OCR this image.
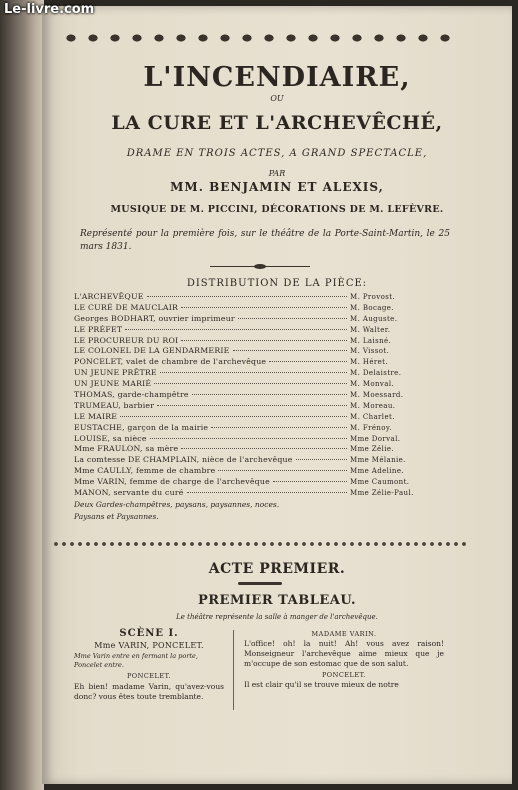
Le-livre.com
L'INCENDIAIRE,
OU
LA CURE ET L'ARCHEVÊCHÉ,
DRAME EN TROIS ACTES, A GRAND SPECTACLE,
PAR
MM. BENJAMIN ET ALEXIS,
MUSIQUE DE M. PICCINI, DÉCORATIONS DE M. LEFÈVRE.
Représenté pour la première fois, sur le théâtre de la Porte-Saint-Martin, le 25 mars 1831.
DISTRIBUTION DE LA PIÈCE:
L'ARCHEVÊQUE	M. Provost.
LE CURÉ DE MAUCLAIR	M. Bocage.
Georges BODHART, ouvrier imprimeur	M. Auguste.
LE PRÉFET	M. Walter.
LE PROCUREUR DU ROI	M. Laisné.
LE COLONEL DE LA GENDARMERIE	M. Vissot.
PONCELET, valet de chambre de l'archevêque	M. Héret.
UN JEUNE PRÊTRE	M. Delaistre.
UN JEUNE MARIÉ	M. Monval.
THOMAS, garde-champêtre	M. Moessard.
TRUMEAU, barbier	M. Moreau.
LE MAIRE	M. Charlet.
EUSTACHE, garçon de la mairie	M. Frénoy.
LOUISE, sa nièce	Mme Dorval.
Mme FRAULON, sa mère	Mme Zélie.
La comtesse DE CHAMPLAIN, nièce de l'archevêque	Mme Mélanie.
Mme CAULLY, femme de chambre	Mme Adeline.
Mme VARIN, femme de charge de l'archevêque	Mme Caumont.
MANON, servante du curé	Mme Zélie-Paul.
Deux Gardes-champêtres, paysans, paysannes, noces.
Paysans et Paysannes.
ACTE PREMIER.
PREMIER TABLEAU.
Le théâtre représente la salle à manger de l'archevêque.
SCÈNE I.
Mme VARIN, PONCELET.
Mme Varin entre en fermant la porte, Poncelet entre.
PONCELET.
Eh bien! madame Varin, qu'avez-vous donc? vous êtes toute tremblante.
MADAME VARIN.
L'office! oh! la nuit! Ah! vous avez raison! Monseigneur l'archevêque aime mieux que je m'occupe de son estomac que de son salut.
PONCELET.
Il est clair qu'il se trouve mieux de notre
